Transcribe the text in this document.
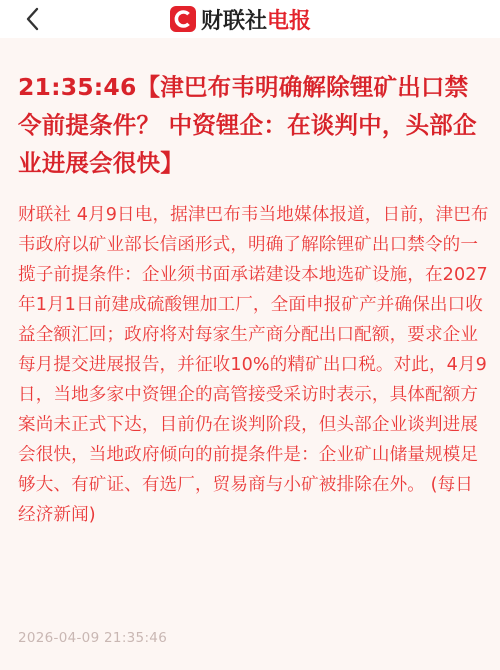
财联社电报
21:35:46【津巴布韦明确解除锂矿出口禁令前提条件？ 中资锂企：在谈判中，头部企业进展会很快】
财联社 4月9日电，据津巴布韦当地媒体报道，日前，津巴布韦政府以矿业部长信函形式，明确了解除锂矿出口禁令的一揽子前提条件：企业须书面承诺建设本地选矿设施，在2027年1月1日前建成硫酸锂加工厂，全面申报矿产并确保出口收益全额汇回；政府将对每家生产商分配出口配额，要求企业每月提交进展报告，并征收10%的精矿出口税。对此，4月9日，当地多家中资锂企的高管接受采访时表示，具体配额方案尚未正式下达，目前仍在谈判阶段，但头部企业谈判进展会很快，当地政府倾向的前提条件是：企业矿山储量规模足够大、有矿证、有选厂，贸易商与小矿被排除在外。 (每日经济新闻)
2026-04-09 21:35:46
